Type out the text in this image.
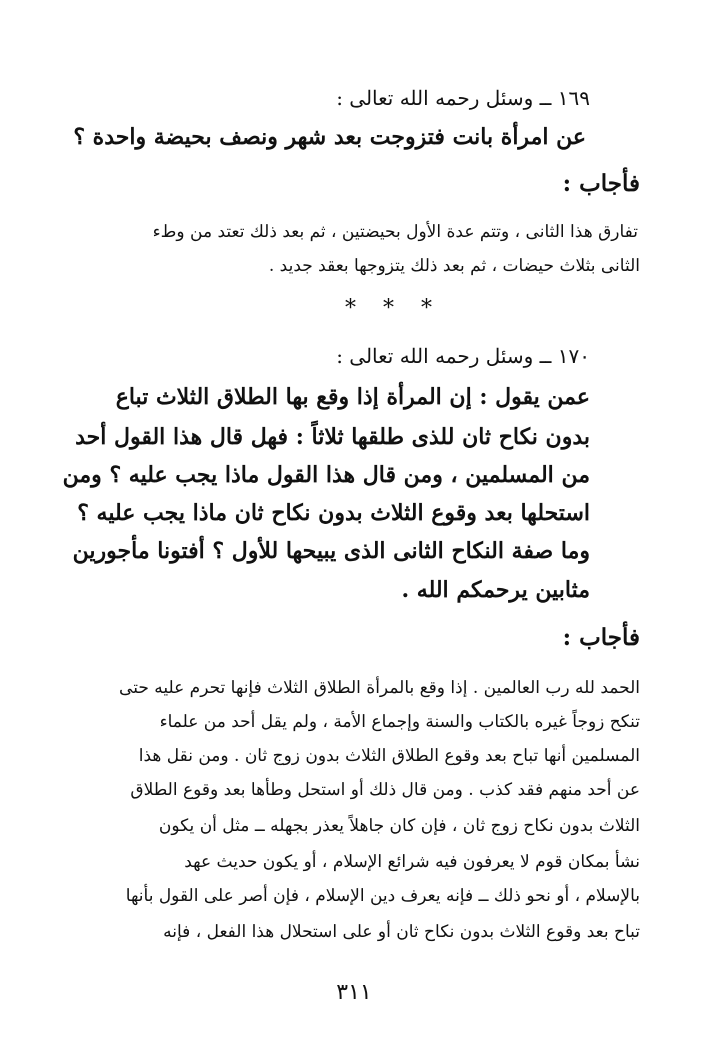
١٦٩ ــ وسئل رحمه الله تعالى :
عن امرأة بانت فتزوجت بعد شهر ونصف بحيضة واحدة ؟
فأجاب :
تفارق هذا الثانى ، وتتم عدة الأول بحيضتين ، ثم بعد ذلك تعتد من وطء
الثانى بثلاث حيضات ، ثم بعد ذلك يتزوجها بعقد جديد .
* * *
١٧٠ ــ وسئل رحمه الله تعالى :
عمن يقول : إن المرأة إذا وقع بها الطلاق الثلاث تباع
بدون نكاح ثان للذى طلقها ثلاثاً : فهل قال هذا القول أحد
من المسلمين ، ومن قال هذا القول ماذا يجب عليه ؟ ومن
استحلها بعد وقوع الثلاث بدون نكاح ثان ماذا يجب عليه ؟
وما صفة النكاح الثانى الذى يبيحها للأول ؟ أفتونا مأجورين
مثابين يرحمكم الله .
فأجاب :
الحمد لله رب العالمين . إذا وقع بالمرأة الطلاق الثلاث فإنها تحرم عليه حتى
تنكح زوجاً غيره بالكتاب والسنة وإجماع الأمة ، ولم يقل أحد من علماء
المسلمين أنها تباح بعد وقوع الطلاق الثلاث بدون زوج ثان . ومن نقل هذا
عن أحد منهم فقد كذب . ومن قال ذلك أو استحل وطأها بعد وقوع الطلاق
الثلاث بدون نكاح زوج ثان ، فإن كان جاهلاً يعذر بجهله ــ مثل أن يكون
نشأ بمكان قوم لا يعرفون فيه شرائع الإسلام ، أو يكون حديث عهد
بالإسلام ، أو نحو ذلك ــ فإنه يعرف دين الإسلام ، فإن أصر على القول بأنها
تباح بعد وقوع الثلاث بدون نكاح ثان أو على استحلال هذا الفعل ، فإنه
٣١١
